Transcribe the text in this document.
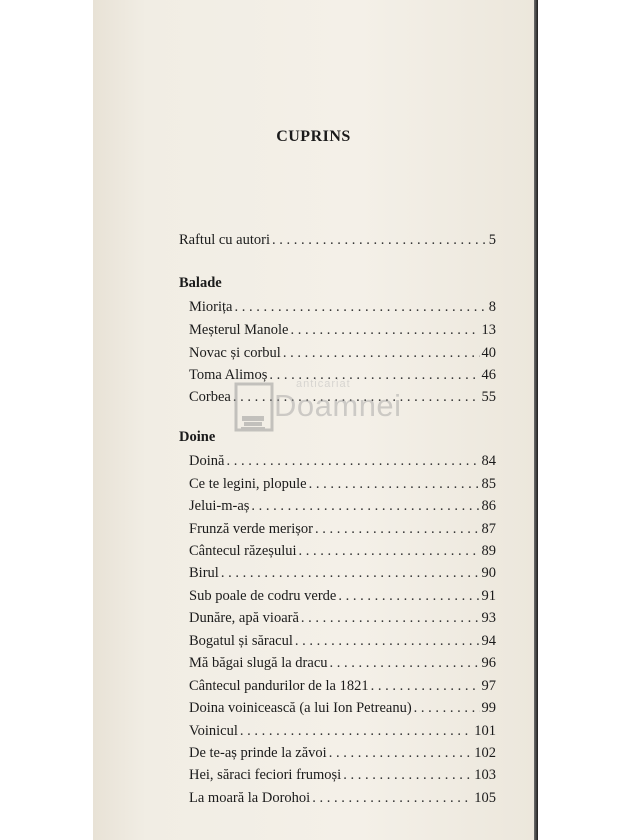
CUPRINS
Raftul cu autori . . .	5
Balade
Miorița . . .	8
Meșterul Manole . . .	13
Novac și corbul . . .	40
Toma Alimoș . . .	46
Corbea . . .	55
Doine
Doină . . .	84
Ce te legini, plopule . . .	85
Jelui-m-aș . . .	86
Frunză verde merișor . . .	87
Cântecul răzeșului . . .	89
Birul . . .	90
Sub poale de codru verde . . .	91
Dunăre, apă vioară . . .	93
Bogatul și săracul . . .	94
Mă băgai slugă la dracu . . .	96
Cântecul pandurilor de la 1821 . . .	97
Doina voinicească (a lui Ion Petreanu) . . .	99
Voinicul . . .	101
De te-aș prinde la zăvoi . . .	102
Hei, săraci feciori frumoși . . .	103
La moară la Dorohoi . . .	105
anticariat
Doamnei
